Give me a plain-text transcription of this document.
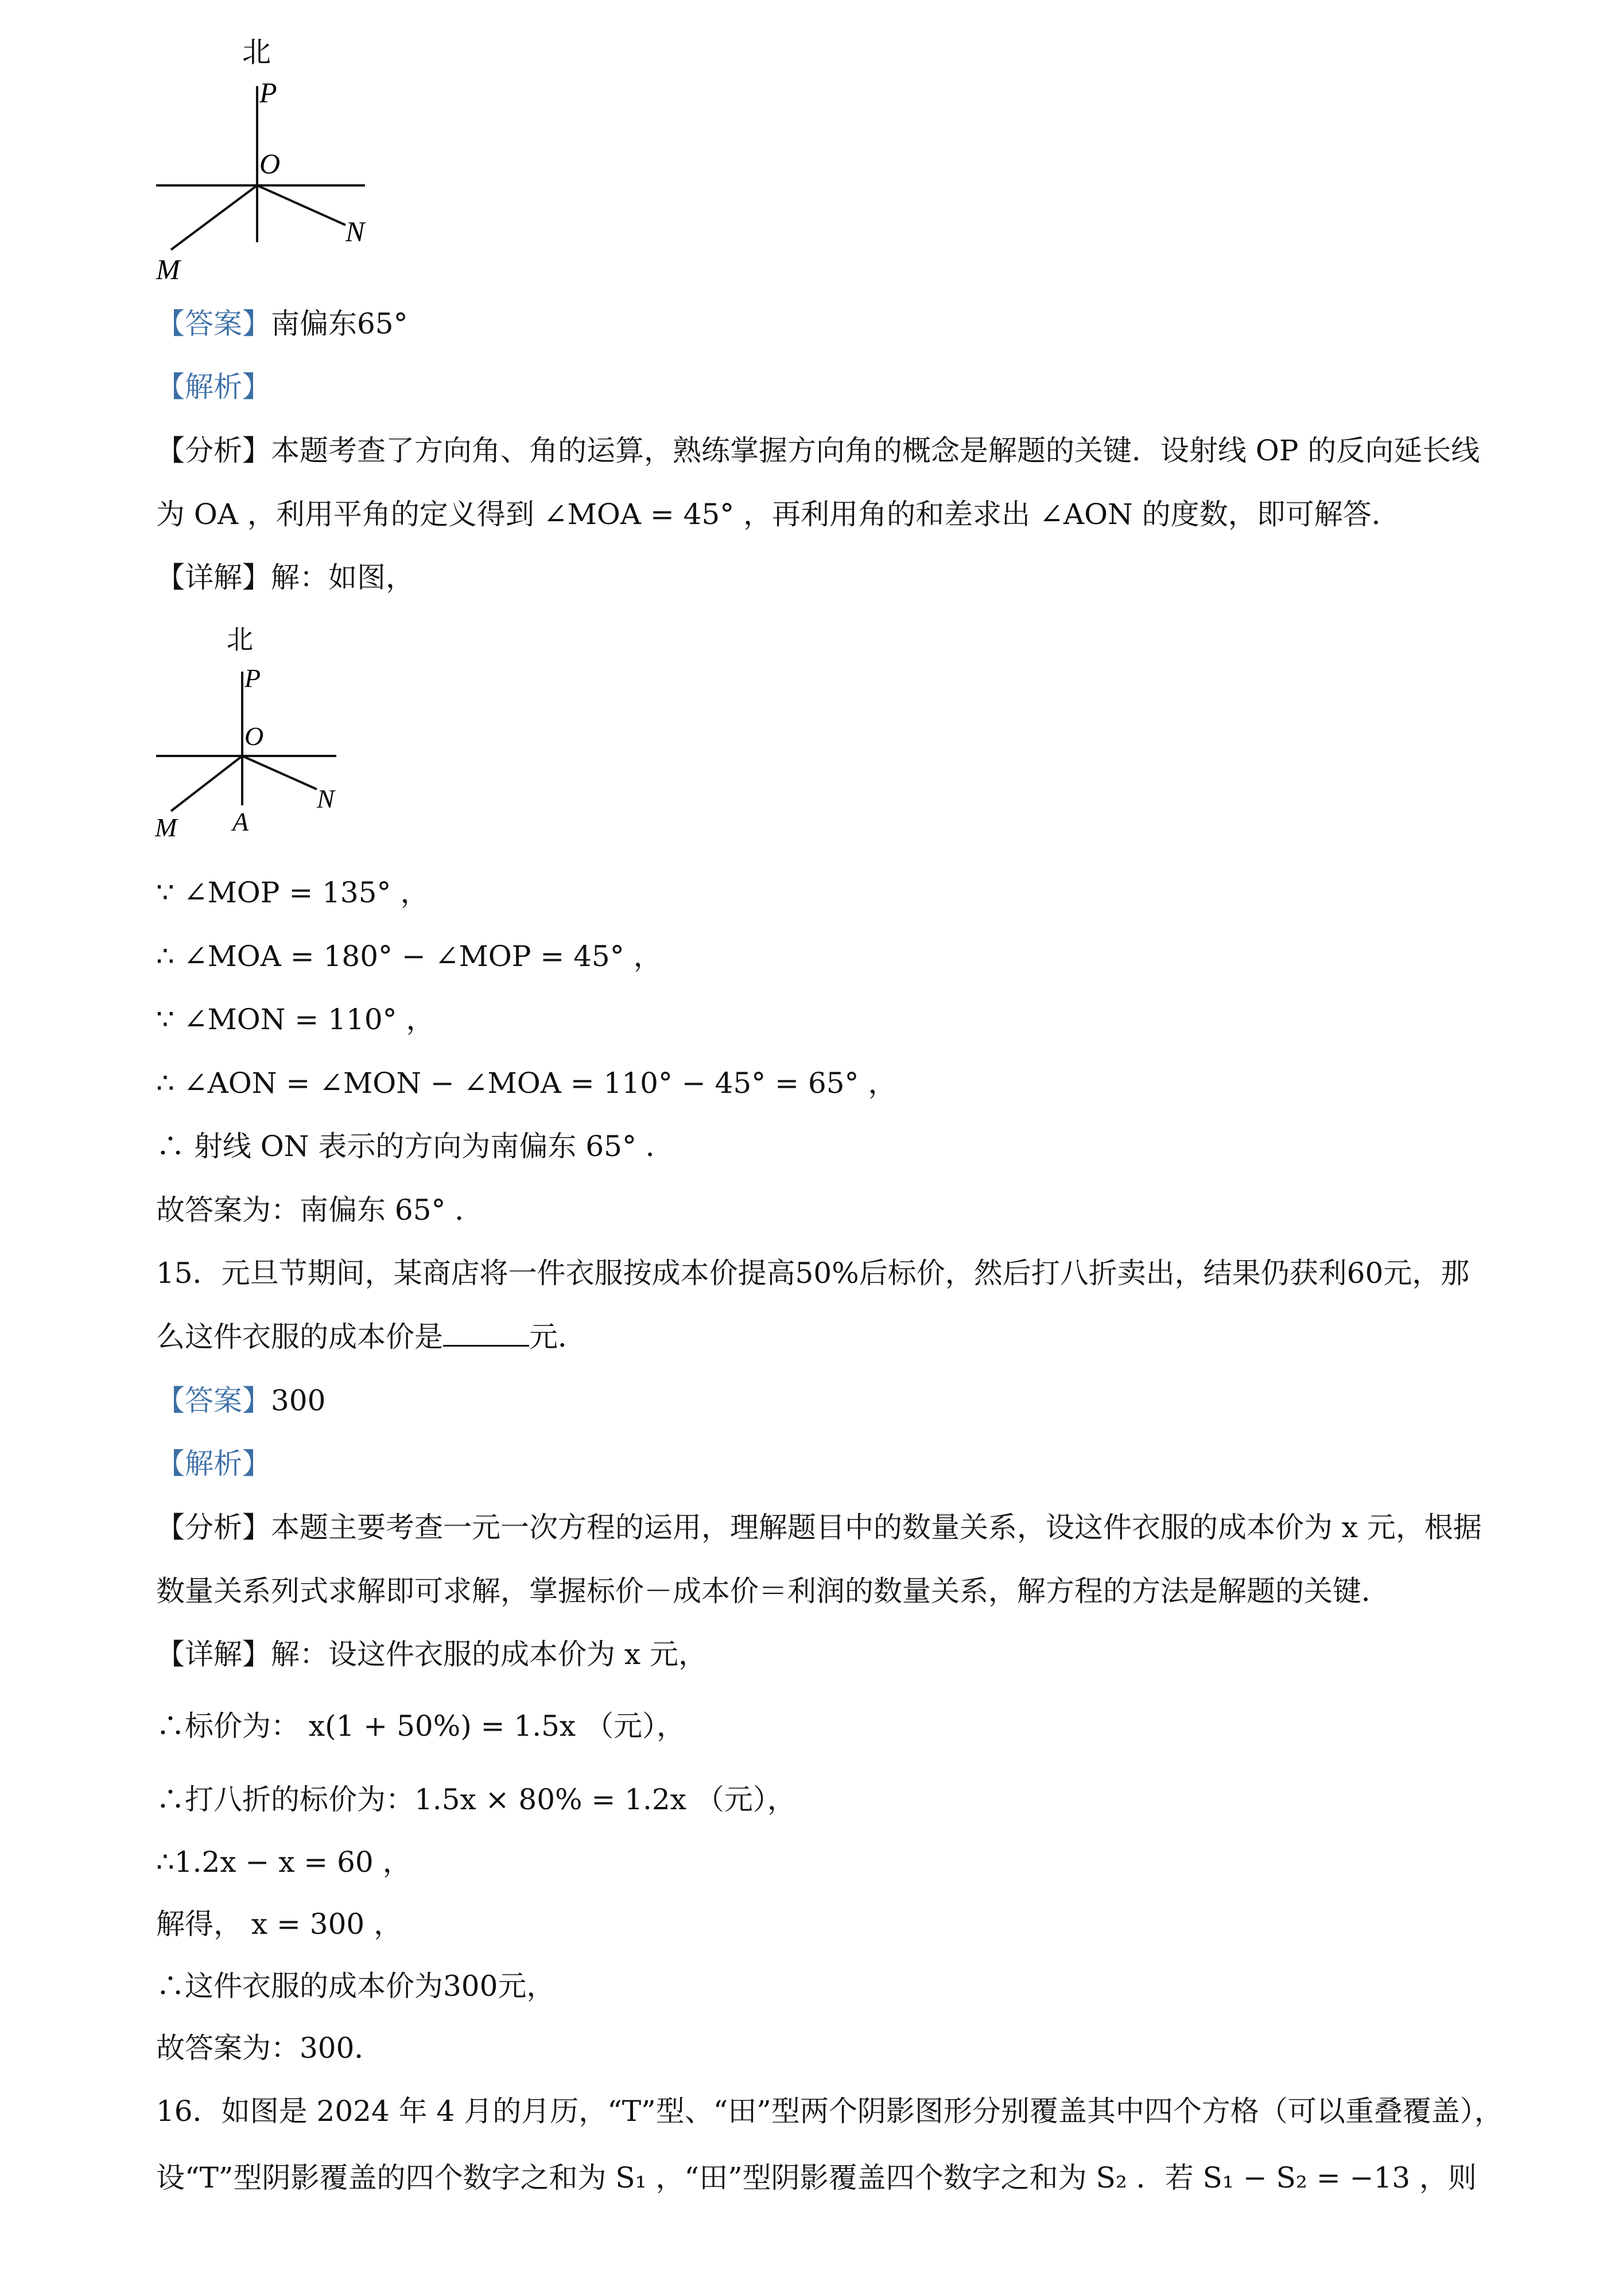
北
P
O
N
M
【答案】南偏东65°
【解析】
【分析】本题考查了方向角、角的运算，熟练掌握方向角的概念是解题的关键．设射线 OP 的反向延长线
为 OA ，利用平角的定义得到 ∠MOA = 45° ，再利用角的和差求出 ∠AON 的度数，即可解答．
【详解】解：如图，
北
P
O
N
M A
∵ ∠MOP = 135° ，
∴ ∠MOA = 180° − ∠MOP = 45° ，
∵ ∠MON = 110° ，
∴ ∠AON = ∠MON − ∠MOA = 110° − 45° = 65° ，
∴ 射线 ON 表示的方向为南偏东 65° ．
故答案为：南偏东 65° ．
15．元旦节期间，某商店将一件衣服按成本价提高50%后标价，然后打八折卖出，结果仍获利60元，那
么这件衣服的成本价是	元．
【答案】300
【解析】
【分析】本题主要考查一元一次方程的运用，理解题目中的数量关系，设这件衣服的成本价为 x 元，根据
数量关系列式求解即可求解，掌握标价－成本价＝利润的数量关系，解方程的方法是解题的关键．
【详解】解：设这件衣服的成本价为 x 元，
∴标价为： x(1 + 50%) = 1.5x （元），
∴打八折的标价为：1.5x × 80% = 1.2x （元），
∴1.2x − x = 60 ，
解得， x = 300 ，
∴这件衣服的成本价为300元，
故答案为：300．
16．如图是 2024 年 4 月的月历，“T”型、“田”型两个阴影图形分别覆盖其中四个方格（可以重叠覆盖），
设“T”型阴影覆盖的四个数字之和为 S₁ ，“田”型阴影覆盖四个数字之和为 S₂ ．若 S₁ − S₂ = −13 ，则
